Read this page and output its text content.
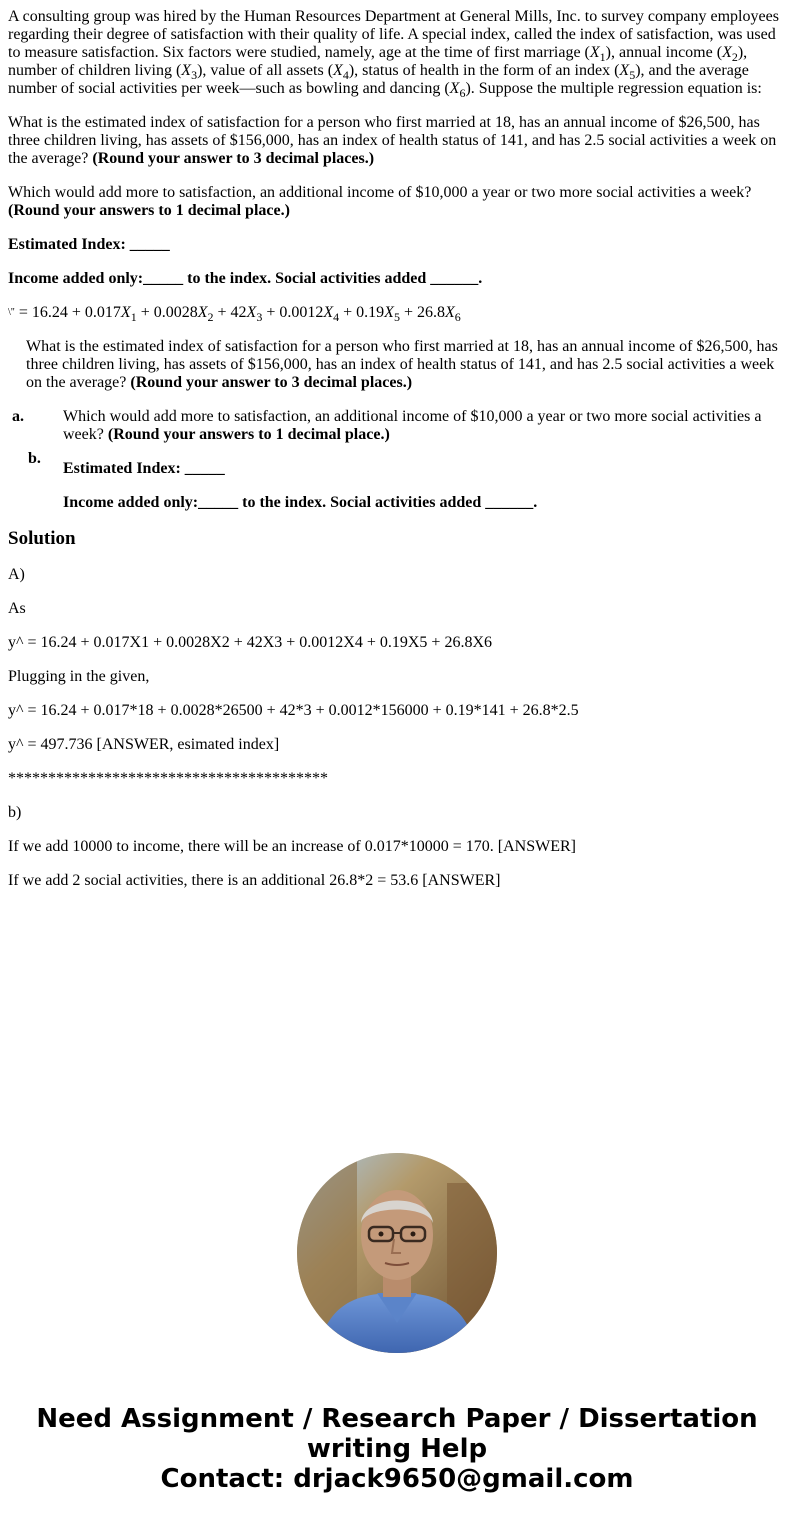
A consulting group was hired by the Human Resources Department at General Mills, Inc. to survey company employees regarding their degree of satisfaction with their quality of life. A special index, called the index of satisfaction, was used to measure satisfaction. Six factors were studied, namely, age at the time of first marriage $(X_1)$, annual income $(X_2)$, number of children living $(X_3)$, value of all assets $(X_4)$, status of health in the form of an index $(X_5)$, and the average number of social activities per week—such as bowling and dancing $(X_6)$. Suppose the multiple regression equation is:

What is the estimated index of satisfaction for a person who first married at 18, has an annual income of $26,500, has three children living, has assets of $156,000, has an index of health status of 141, and has 2.5 social activities a week on the average? (Round your answer to 3 decimal places.)

Which would add more to satisfaction, an additional income of $10,000 a year or two more social activities a week? (Round your answers to 1 decimal place.)

Estimated Index: _____

Income added only:_____ to the index. Social activities added ______.

\" = $16.24 + 0.017X_1 + 0.0028X_2 + 42X_3 + 0.0012X_4 + 0.19X_5 + 26.8X_6$

What is the estimated index of satisfaction for a person who first married at 18, has an annual income of $26,500, has three children living, has assets of $156,000, has an index of health status of 141, and has 2.5 social activities a week on the average? (Round your answer to 3 decimal places.)

a.	Which would add more to satisfaction, an additional income of $10,000 a year or two more social activities a week? (Round your answers to 1 decimal place.)

b.	Estimated Index: _____

Income added only:_____ to the index. Social activities added ______.

Solution

A)

As

y^ = 16.24 + 0.017X1 + 0.0028X2 + 42X3 + 0.0012X4 + 0.19X5 + 26.8X6

Plugging in the given,

y^ = 16.24 + 0.017*18 + 0.0028*26500 + 42*3 + 0.0012*156000 + 0.19*141 + 26.8*2.5

y^ = 497.736 [ANSWER, esimated index]

****************************************

b)

If we add 10000 to income, there will be an increase of 0.017*10000 = 170. [ANSWER]

If we add 2 social activities, there is an additional 26.8*2 = 53.6 [ANSWER]

Need Assignment / Research Paper / Dissertation
writing Help
Contact: drjack9650@gmail.com
